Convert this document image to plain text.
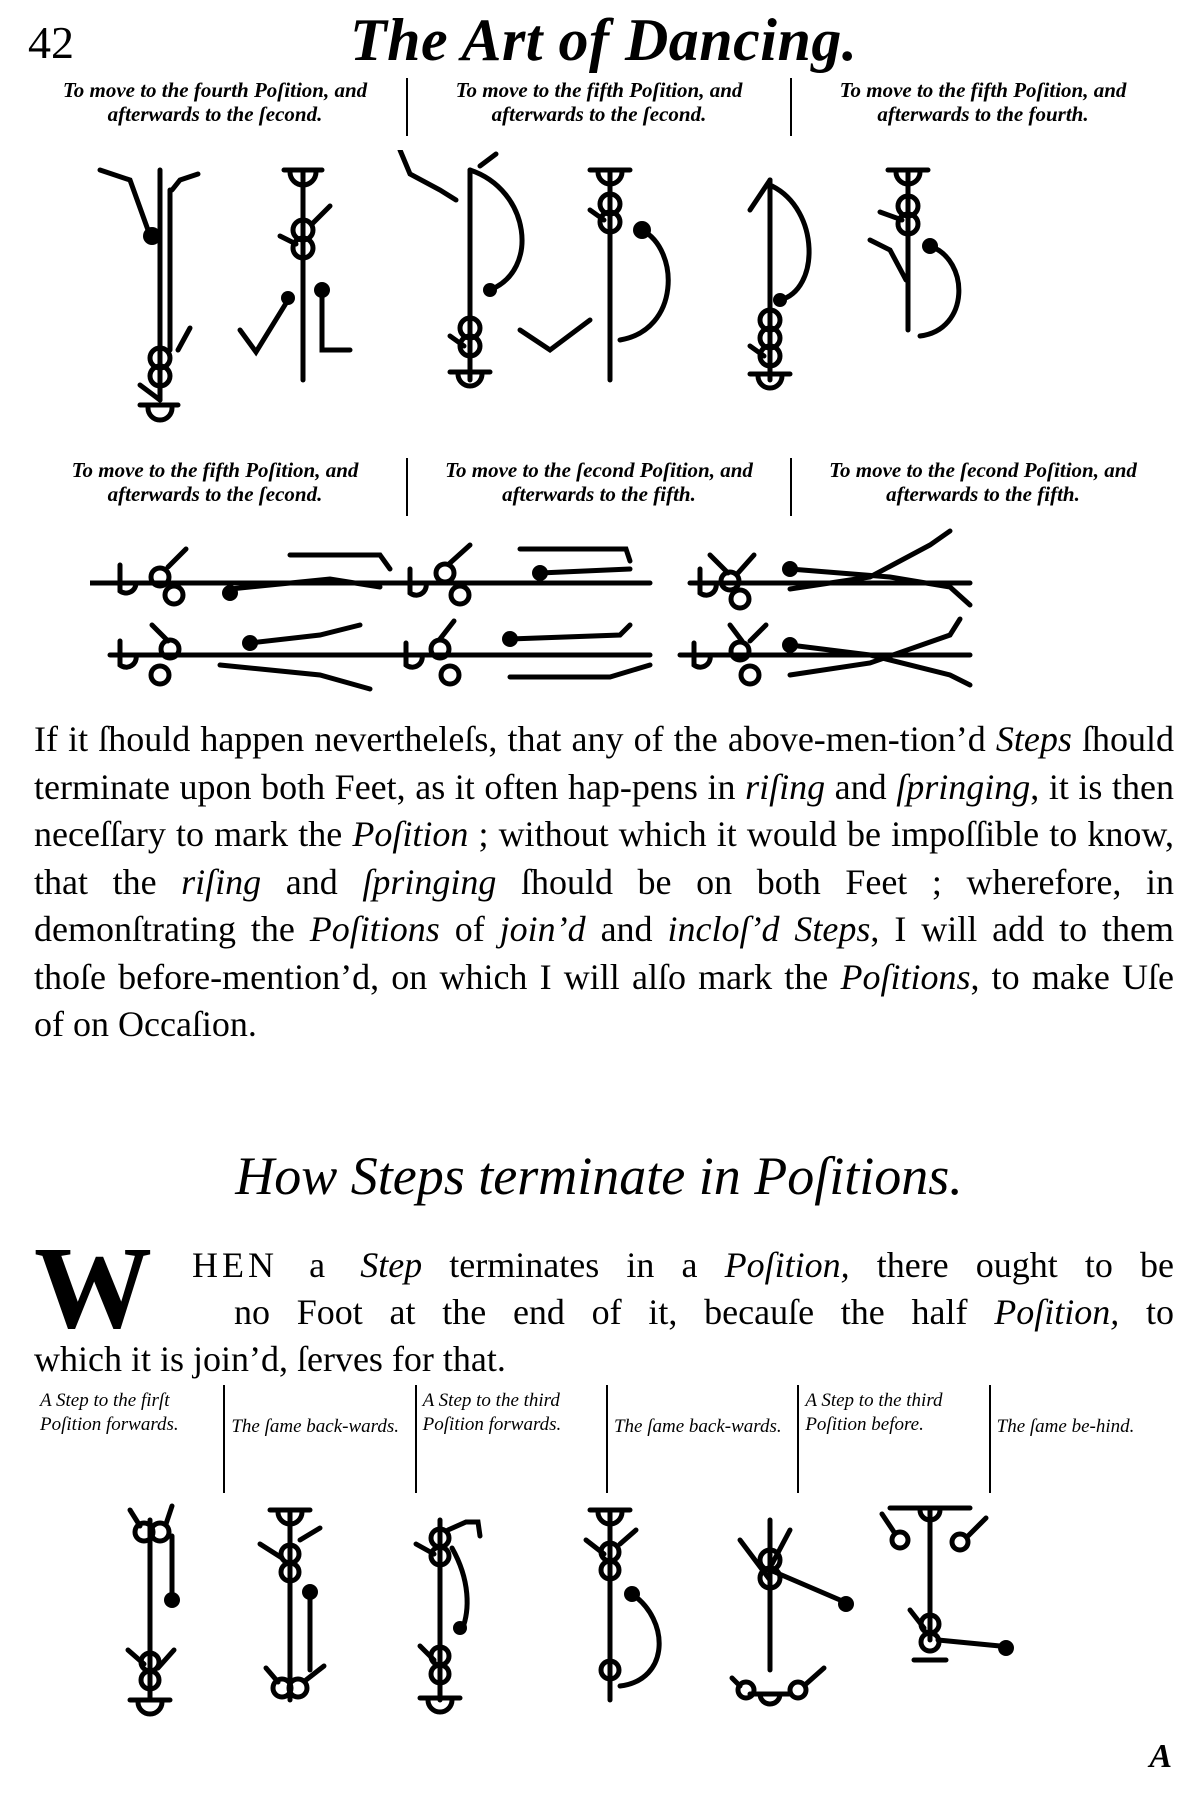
42	The Art of Dancing.
To move to the fourth Poſition, and afterwards to the ſecond.
To move to the fifth Poſition, and afterwards to the ſecond.
To move to the fifth Poſition, and afterwards to the fourth.
To move to the fifth Poſition, and afterwards to the ſecond.
To move to the ſecond Poſition, and afterwards to the fifth.
To move to the ſecond Poſition, and afterwards to the fifth.
If it ſhould happen nevertheleſs, that any of the above-men-tion’d Steps ſhould terminate upon both Feet, as it often hap-pens in riſing and ſpringing, it is then neceſſary to mark the Poſition ; without which it would be impoſſible to know, that the riſing and ſpringing ſhould be on both Feet ; wherefore, in demonſtrating the Poſitions of join’d and incloſ’d Steps, I will add to them thoſe before-mention’d, on which I will alſo mark the Poſitions, to make Uſe of on Occaſion.
How Steps terminate in Poſitions.
W HEN a Step terminates in a Poſition, there ought to be
no Foot at the end of it, becauſe the half Poſition, to
which it is join’d, ſerves for that.
A Step to the firſt Poſition forwards.	The ſame back-wards.
A Step to the third Poſition forwards.	The ſame back-wards.
A Step to the third Poſition before.	The ſame be-hind.
A
